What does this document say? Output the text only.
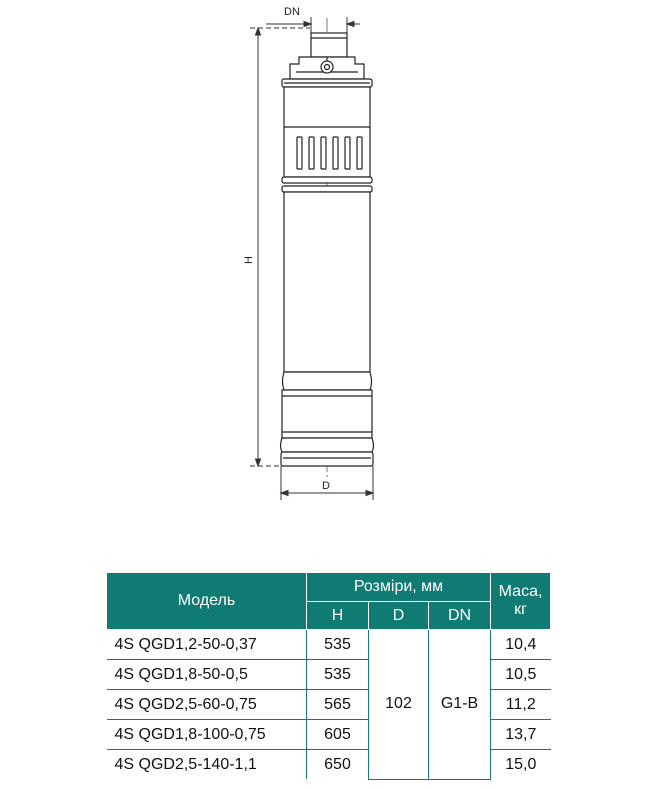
DN
H
D
Модель	Розміри, мм			Маса,
кг
	H	D	DN	
4S QGD1,2-50-0,37	535	102	G1-B	10,4
4S QGD1,8-50-0,5	535			10,5
4S QGD2,5-60-0,75	565			11,2
4S QGD1,8-100-0,75	605			13,7
4S QGD2,5-140-1,1	650			15,0
